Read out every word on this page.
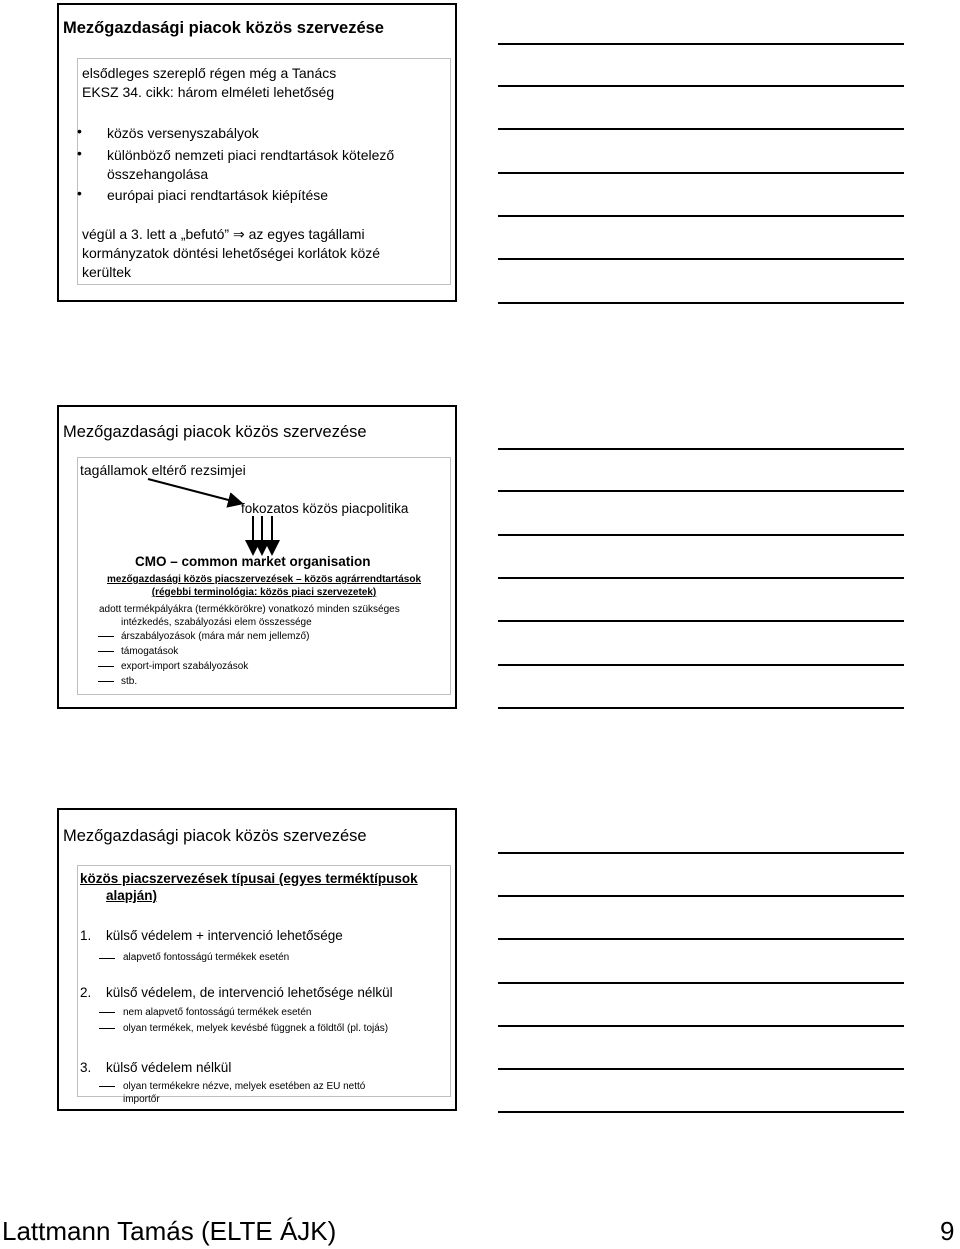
Mezőgazdasági piacok közös szervezése
elsődleges szereplő régen még a Tanács
EKSZ 34. cikk: három elméleti lehetőség
• közös versenyszabályok
• különböző nemzeti piaci rendtartások kötelező
összehangolása
• európai piaci rendtartások kiépítése
végül a 3. lett a „befutó” ⇒ az egyes tagállami
kormányzatok döntési lehetőségei korlátok közé
kerültek
Mezőgazdasági piacok közös szervezése
tagállamok eltérő rezsimjei
fokozatos közös piacpolitika
CMO – common market organisation
mezőgazdasági közös piacszervezések – közös agrárrendtartások
(régebbi terminológia: közös piaci szervezetek)
adott termékpályákra (termékkörökre) vonatkozó minden szükséges
intézkedés, szabályozási elem összessége
árszabályozások (mára már nem jellemző)
támogatások
export-import szabályozások
stb.
Mezőgazdasági piacok közös szervezése
közös piacszervezések típusai (egyes terméktípusok
alapján)
1. külső védelem + intervenció lehetősége
alapvető fontosságú termékek esetén
2. külső védelem, de intervenció lehetősége nélkül
nem alapvető fontosságú termékek esetén
olyan termékek, melyek kevésbé függnek a földtől (pl. tojás)
3. külső védelem nélkül
olyan termékekre nézve, melyek esetében az EU nettó
importőr
Lattmann Tamás (ELTE ÁJK)	9
